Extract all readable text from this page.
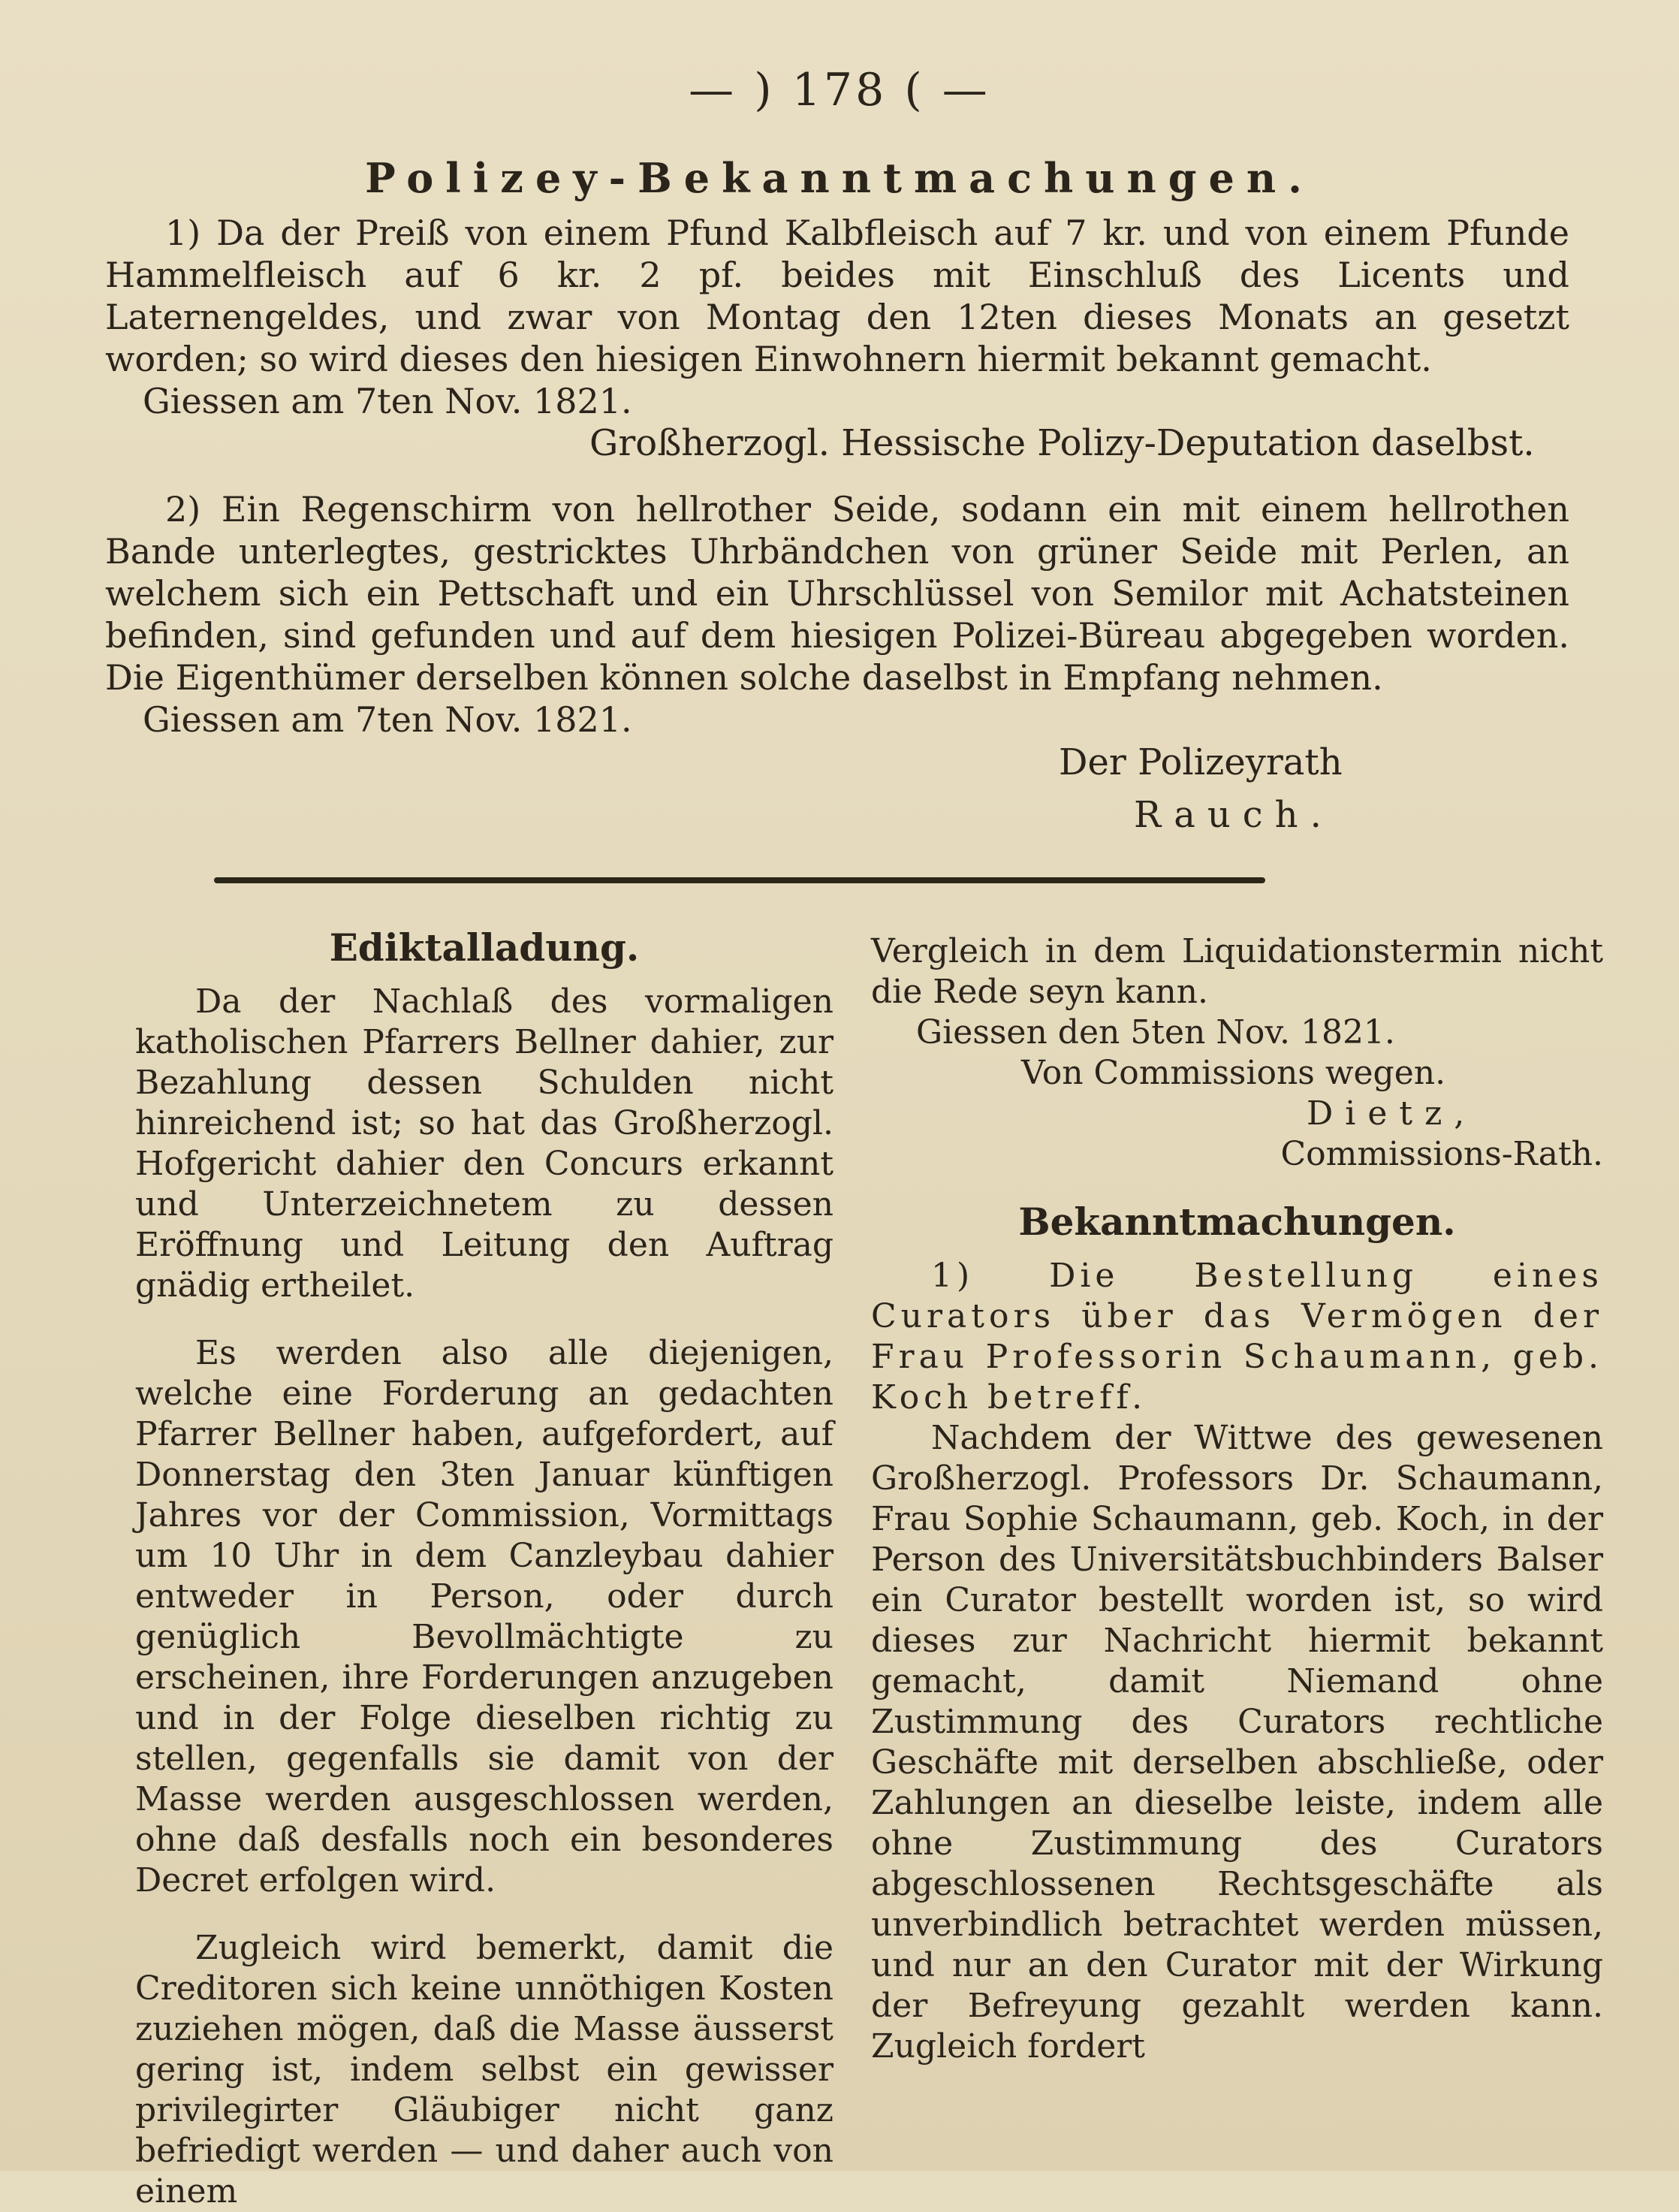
— ) 178 ( —
Polizey-Bekanntmachungen.

1) Da der Preiß von einem Pfund Kalbfleisch auf 7 kr. und von einem Pfunde Hammelfleisch auf 6 kr. 2 pf. beides mit Einschluß des Licents und Laternengeldes, und zwar von Montag den 12ten dieses Monats an gesetzt worden; so wird dieses den hiesigen Einwohnern hiermit bekannt gemacht.

Giessen am 7ten Nov. 1821.

Großherzogl. Hessische Polizy-Deputation daselbst.

2) Ein Regenschirm von hellrother Seide, sodann ein mit einem hellrothen Bande unterlegtes, gestricktes Uhrbändchen von grüner Seide mit Perlen, an welchem sich ein Pettschaft und ein Uhrschlüssel von Semilor mit Achatsteinen befinden, sind gefunden und auf dem hiesigen Polizei-Büreau abgegeben worden. Die Eigenthümer derselben können solche daselbst in Empfang nehmen.

Giessen am 7ten Nov. 1821.

Der Polizeyrath
Rauch.

Ediktalladung.

Da der Nachlaß des vormaligen katholischen Pfarrers Bellner dahier, zur Bezahlung dessen Schulden nicht hinreichend ist; so hat das Großherzogl. Hofgericht dahier den Concurs erkannt und Unterzeichnetem zu dessen Eröffnung und Leitung den Auftrag gnädig ertheilet.

Es werden also alle diejenigen, welche eine Forderung an gedachten Pfarrer Bellner haben, aufgefordert, auf Donnerstag den 3ten Januar künftigen Jahres vor der Commission, Vormittags um 10 Uhr in dem Canzleybau dahier entweder in Person, oder durch genüglich Bevollmächtigte zu erscheinen, ihre Forderungen anzugeben und in der Folge dieselben richtig zu stellen, gegenfalls sie damit von der Masse werden ausgeschlossen werden, ohne daß desfalls noch ein besonderes Decret erfolgen wird.

Zugleich wird bemerkt, damit die Creditoren sich keine unnöthigen Kosten zuziehen mögen, daß die Masse äusserst gering ist, indem selbst ein gewisser privilegirter Gläubiger nicht ganz befriedigt werden — und daher auch von einem

Vergleich in dem Liquidationstermin nicht die Rede seyn kann.

Giessen den 5ten Nov. 1821.

Von Commissions wegen.

Dietz,

Commissions-Rath.

Bekanntmachungen.

1) Die Bestellung eines Curators über das Vermögen der Frau Professorin Schaumann, geb. Koch betreff.

Nachdem der Wittwe des gewesenen Großherzogl. Professors Dr. Schaumann, Frau Sophie Schaumann, geb. Koch, in der Person des Universitätsbuchbinders Balser ein Curator bestellt worden ist, so wird dieses zur Nachricht hiermit bekannt gemacht, damit Niemand ohne Zustimmung des Curators rechtliche Geschäfte mit derselben abschließe, oder Zahlungen an dieselbe leiste, indem alle ohne Zustimmung des Curators abgeschlossenen Rechtsgeschäfte als unverbindlich betrachtet werden müssen, und nur an den Curator mit der Wirkung der Befreyung gezahlt werden kann. Zugleich fordert
